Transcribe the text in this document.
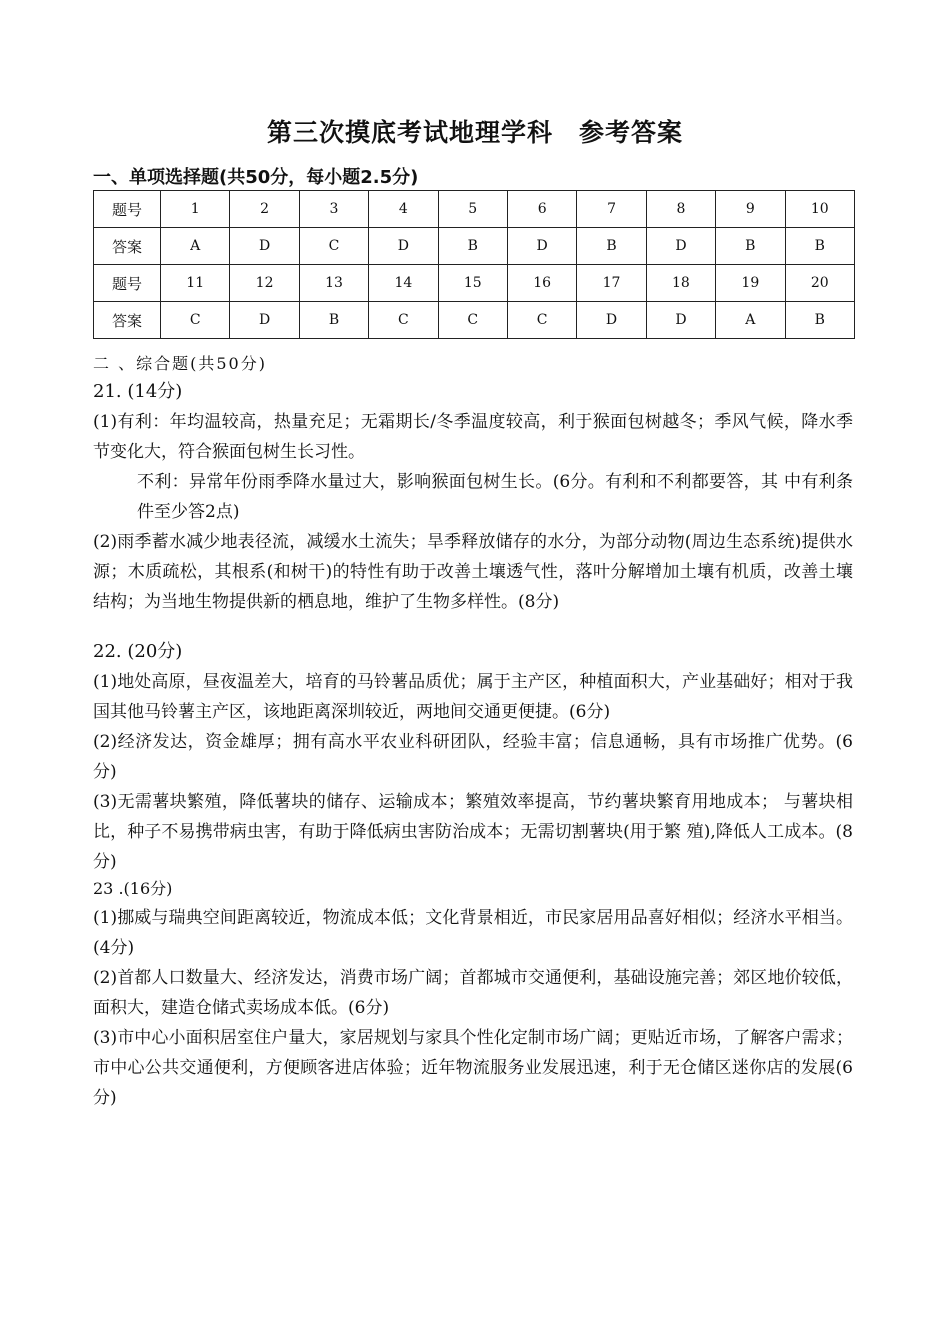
第三次摸底考试地理学科　参考答案
一、单项选择题(共50分，每小题2.5分)
题号	1	2	3	4	5	6	7	8	9	10
答案	A	D	C	D	B	D	B	D	B	B
题号	11	12	13	14	15	16	17	18	19	20
答案	C	D	B	C	C	C	D	D	A	B
二 、综合题(共50分)
21. (14分)
(1)有利：年均温较高，热量充足；无霜期长/冬季温度较高，利于猴面包树越冬；季风气候，降水季节变化大，符合猴面包树生长习性。
不利：异常年份雨季降水量过大，影响猴面包树生长。(6分。有利和不利都要答，其 中有利条件至少答2点)
(2)雨季蓄水减少地表径流，减缓水土流失；旱季释放储存的水分，为部分动物(周边生态系统)提供水源；木质疏松，其根系(和树干)的特性有助于改善土壤透气性，落叶分解增加土壤有机质，改善土壤结构；为当地生物提供新的栖息地，维护了生物多样性。(8分)
22. (20分)
(1)地处高原，昼夜温差大，培育的马铃薯品质优；属于主产区，种植面积大，产业基础好；相对于我国其他马铃薯主产区，该地距离深圳较近，两地间交通更便捷。(6分)
(2)经济发达，资金雄厚；拥有高水平农业科研团队，经验丰富；信息通畅，具有市场推广优势。(6分)
(3)无需薯块繁殖，降低薯块的储存、运输成本；繁殖效率提高，节约薯块繁育用地成本； 与薯块相比，种子不易携带病虫害，有助于降低病虫害防治成本；无需切割薯块(用于繁 殖),降低人工成本。(8分)
23 .(16分)
(1)挪威与瑞典空间距离较近，物流成本低；文化背景相近，市民家居用品喜好相似；经济水平相当。(4分)
(2)首都人口数量大、经济发达，消费市场广阔；首都城市交通便利，基础设施完善；郊区地价较低，面积大，建造仓储式卖场成本低。(6分)
(3)市中心小面积居室住户量大，家居规划与家具个性化定制市场广阔；更贴近市场，了解客户需求；市中心公共交通便利，方便顾客进店体验；近年物流服务业发展迅速，利于无仓储区迷你店的发展(6分)
